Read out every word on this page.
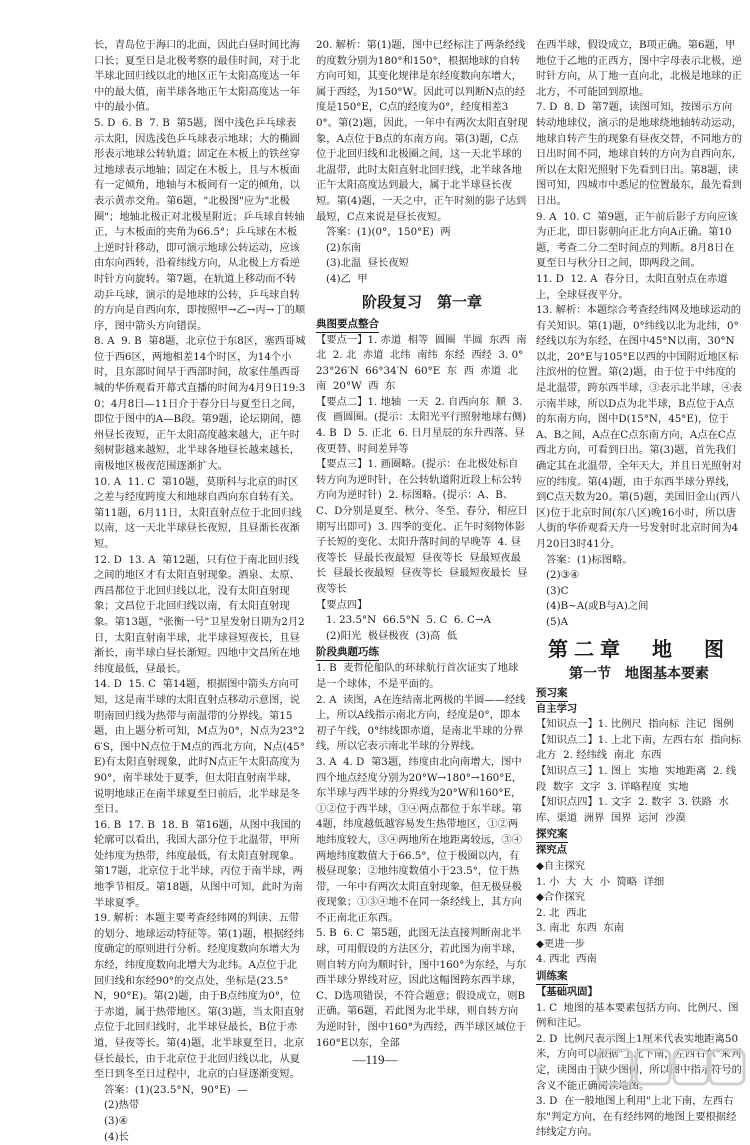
长，青岛位于海口的北面，因此白昼时间比海口长；夏至日是北极考察的最佳时间，对于北半球北回归线以北的地区正午太阳高度达一年中的最大值，南半球各地正午太阳高度达一年中的最小值。

5. D  6. B  7. B  第5题，图中浅色乒乓球表示太阳，因选浅色乒乓球表示地球；大的椭圆形表示地球公转轨道；固定在木板上的铁丝穿过地球表示地轴；固定在木板上，且与木板面有一定倾角，地轴与木板间有一定的倾角，以表示黄赤交角。第6题，"北极图"应为"北极圈"；地轴北极正对北极星附近；乒乓球自转轴正，与木板面的夹角为66.5°；乒乓球在木板上逆时针移动，即可演示地球公转运动，应该由东向西转，沿着纬线方向，从北极上方看逆时针方向旋转。第7题，在轨道上移动而不转动乒乓球，演示的是地球的公转，乒乓球自转的方向是自西向东，即按照甲→乙→丙→丁的顺序，图中箭头方向错误。

8. A  9. B  第8题，北京位于东8区，塞西哥城位于西6区，两地相差14个时区，为14个小时，且东部时间早于西部时间，故家住墨西哥城的华侨观看开幕式直播的时间为4月9日19:30；4月8日—11日介于春分日与夏至日之间，即位于图中的A—B段。第9题，论坛期间，德州昼长夜短，正午太阳高度越来越大，正午时刻树影越来越短，北半球各地昼长越来越长，南极地区极夜范围逐渐扩大。

10. A  11. C  第10题，莫斯科与北京的时区之差与经度跨度大和地球自西向东自转有关。第11题，6月11日，太阳直射点位于北回归线以南，这一天北半球昼长夜短，且昼渐长夜渐短。

12. D  13. A  第12题，只有位于南北回归线之间的地区才有太阳直射现象。酒泉、太原、西昌都位于北回归线以北，没有太阳直射现象；文昌位于北回归线以南，有太阳直射现象。第13题，"张衡一号"卫星发射日期为2月2日，太阳直射南半球，北半球昼短夜长，且昼渐长，南半球白昼长渐短。四地中文昌所在地纬度最低，昼最长。

14. D  15. C  第14题，根据图中箭头方向可知，这是南半球的太阳直射点移动示意图，说明南回归线为热带与南温带的分界线。第15题，由上题分析可知，M点为0°，N点为23°26′S，图中N点位于M点的西北方向，N点(45°E)有太阳直射现象，此时N点正午太阳高度为90°，南半球处于夏季，但太阳直射南半球，说明地球正在南半球夏至日前后，北半球是冬至日。

16. B  17. B  18. B  第16题，从图中我国的轮廓可以看出，我国大部分位于北温带，甲所处纬度为热带，纬度最低，有太阳直射现象。第17题，北京位于北半球，丙位于南半球，两地季节相反。第18题，从图中可知，此时为南半球夏季。

19. 解析：本题主要考查经纬网的判读、五带的划分、地球运动特征等。第(1)题，根据经纬度确定的原则进行分析。经度度数向东增大为东经，纬度度数向北增大为北纬。A点位于北回归线和东经90°的交点处，坐标是(23.5°N，90°E)。第(2)题，由于B点纬度为0°，位于赤道，属于热带地区。第(3)题，当太阳直射点位于北回归线时，北半球昼最长，B位于赤道，昼夜等长。第(4)题，北半球夏至日，北京昼长最长，由于北京位于北回归线以北，从夏至日到冬至日过程中，北京的白昼逐渐变短。

答案：(1)(23.5°N，90°E)  —

(2)热带

(3)④

(4)长

20. 解析：第(1)题，图中已经标注了两条经线的度数分别为180°和150°，根据地球的自转方向可知，其变化规律是东经度数向东增大，属于西经，为150°W。因此可以判断N点的经度是150°E，C点的经度为0°，经度相差30°。第(2)题，因此，一年中有两次太阳直射现象，A点位于B点的东南方向。第(3)题，C点位于北回归线和北极圈之间，这一天北半球的北温带，此时太阳直射北回归线，北半球各地正午太阳高度达到最大，属于北半球昼长夜短。第(4)题，一天之中，正午时刻的影子达到最短，C点来说是昼长夜短。

答案：(1)(0°，150°E)  两

(2)东南

(3)北温  昼长夜短

(4)乙  甲

阶段复习　第一章
典图要点整合

【要点一】1. 赤道  相等  圆圈  半圆  东西  南北  2. 北  赤道  北纬  南纬  东经  西经  3. 0°  23°26′N  66°34′N  60°E  东  西  赤道  北  南  20°W  西  东

【要点二】1. 地轴  一天  2. 自西向东  顺  3. 夜  画圆圈。(提示：太阳光平行照射地球右侧)  4. B  D  5. 正北  6. 日月星辰的东升西落、昼夜更替、时间差异等

【要点三】1. 画圈略。(提示：在北极处标自转方向为逆时针，在公转轨道附近段上标公转方向为逆时针)  2. 标图略。(提示：A、B、C、D分别是夏至、秋分、冬至、春分，相应日期写出即可)  3. 四季的变化、正午时刻物体影子长短的变化、太阳升落时间的早晚等  4. 昼夜等长  昼最长夜最短  昼夜等长  昼最短夜最长  昼最长夜最短  昼夜等长  昼最短夜最长  昼夜等长

【要点四】

1. 23.5°N  66.5°N  5. C  6. C→A

(2)阳光  极昼极夜  (3)高  低

阶段典题巧练

1. B  麦哲伦船队的环球航行首次证实了地球是一个球体，不是平面的。

2. A  读图，A在连结南北两极的半圆——经线上，所以A线指示南北方向，经度是0°，即本初子午线，0°纬线即赤道，是南北半球的分界线，所以它表示南北半球的分界线。

3. A  4. D  第3题，纬度由北向南增大，图中四个地点经度分别为20°W→180°→160°E，东半球与西半球的分界线为20°W和160°E，①②位于西半球，③④两点都位于东半球。第4题，纬度越低越容易发生热带地区，①②两地纬度较大，③④两地所在地距离较远，③④两地纬度数值大于66.5°，位于极圈以内，有极昼现象；②地纬度数值小于23.5°，位于热带，一年中有两次太阳直射现象，但无极昼极夜现象；①③④地不在同一条经线上，其方向不正南北正东西。

5. B  6. C  第5题，此图无法直接判断南北半球，可用假设的方法区分，若此图为南半球，则自转方向为顺时针，图中160°为东经，与东西半球分界线对应，因此这幅图跨东西半球，C、D选项错误，不符合题意；假设成立，则B正确。第6题，若此图为北半球，则自转方向为逆时针，图中160°为西经，西半球区域位于160°E以东，全部

在西半球，假设成立，B项正确。第6题，甲地位于乙地的正西方，图中字母表示北极，逆时针方向，从丁地一直向北，北极是地球的正北方，不可能回到原地。

7. D  8. D  第7题，读图可知，按图示方向转动地球仪，演示的是地球绕地轴转动运动，地球自转产生的现象有昼夜交替，不同地方的日出时间不同，地球自转的方向为自西向东，所以在太阳光照射下先看到日出。第8题，读图可知，四城市中悉尼的位置最东，最先看到日出。

9. A  10. C  第9题，正午前后影子方向应该为正北，即日影朝向正北方向A正确。第10题，考查二分二至时间点的判断。8月8日在夏至日与秋分日之间，即两段之间。

11. D  12. A  春分日，太阳直射点在赤道上，全球昼夜平分。

13. 解析：本题综合考查经纬网及地球运动的有关知识。第(1)题，0°纬线以北为北纬，0°经线以东为东经，在图中45°N以南，30°N以北，20°E与105°E以西的中国附近地区标注滨州的位置。第(2)题，由于位于中纬度的是北温带，跨东西半球，③表示北半球，④表示南半球，所以D点为北半球，B点位于A点的东南方向，图中D(15°N，45°E)，位于A、B之间，A点在C点东南方向，A点在C点西北方向，可看到日出。第(3)题，首先我们确定其在北温带，全年天大，并且日光照射对应的纬度。第(4)题，由于东西半球分界线，到C点天数为20。第(5)题，美国旧金山(西八区)位于北京时间(东八区)晚16小时，所以唐人街的华侨观看天舟一号发射时北京时间为4月20日3时41分。

答案：(1)标图略。

(2)③④

(3)C

(4)B~A(或B与A)之间

(5)A

第二章　地　图
第一节　地图基本要素
预习案
自主学习

【知识点一】1. 比例尺  指向标  注记  图例

【知识点二】1. 上北下南，左西右东  指向标  北方  2. 经纬线  南北  东西

【知识点三】1. 图上  实地  实地距离  2. 线段  数字  文字  3. 详略程度  实地

【知识点四】1. 文字  2. 数字  3. 铁路  水库、渠道  洲界  国界  运河  沙漠

探究案
探究点

◆自主探究

1. 小  大  大  小  简略  详细

◆合作探究

2. 北  西北

3. 南北  东西  东南

◆更进一步

4. 西北  西南

训练案
【基础巩固】

1. C  地图的基本要素包括方向、比例尺、图例和注记。

2. D  比例尺表示图上1厘米代表实地距离50米，方向可以根据"上北下南，左西右东"来判定，读图由于缺少图例，所以图中指示符号的含义不能正确阅读地图。

3. D  在一般地图上利用"上北下南，左西右东"判定方向，在有经纬网的地图上要根据经纬线定方向。

—119—
